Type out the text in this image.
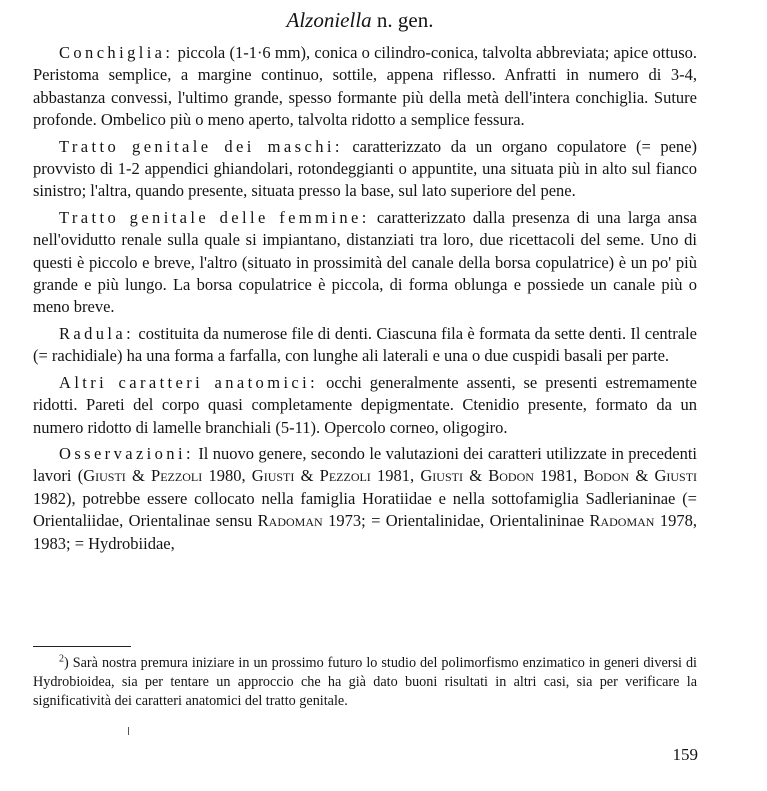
Alzoniella n. gen.

Conchiglia: piccola (1-1·6 mm), conica o cilindro-conica, talvolta abbreviata; apice ottuso. Peristoma semplice, a margine continuo, sottile, appena riflesso. Anfratti in numero di 3-4, abbastanza convessi, l'ultimo grande, spesso formante più della metà dell'intera conchiglia. Suture profonde. Ombelico più o meno aperto, talvolta ridotto a semplice fessura.

Tratto genitale dei maschi: caratterizzato da un organo copulatore (= pene) provvisto di 1-2 appendici ghiandolari, rotondeggianti o appuntite, una situata più in alto sul fianco sinistro; l'altra, quando presente, situata presso la base, sul lato superiore del pene.

Tratto genitale delle femmine: caratterizzato dalla presenza di una larga ansa nell'ovidutto renale sulla quale si impiantano, distanziati tra loro, due ricettacoli del seme. Uno di questi è piccolo e breve, l'altro (situato in prossimità del canale della borsa copulatrice) è un po' più grande e più lungo. La borsa copulatrice è piccola, di forma oblunga e possiede un canale più o meno breve.

Radula: costituita da numerose file di denti. Ciascuna fila è formata da sette denti. Il centrale (= rachidiale) ha una forma a farfalla, con lunghe ali laterali e una o due cuspidi basali per parte.

Altri caratteri anatomici: occhi generalmente assenti, se presenti estremamente ridotti. Pareti del corpo quasi completamente depigmentate. Ctenidio presente, formato da un numero ridotto di lamelle branchiali (5-11). Opercolo corneo, oligogiro.

Osservazioni: Il nuovo genere, secondo le valutazioni dei caratteri utilizzate in precedenti lavori (Giusti & Pezzoli 1980, Giusti & Pezzoli 1981, Giusti & Bodon 1981, Bodon & Giusti 1982), potrebbe essere collocato nella famiglia Horatiidae e nella sottofamiglia Sadlerianinae (= Orientaliidae, Orientalinae sensu Radoman 1973; = Orientalinidae, Orientalininae Radoman 1978, 1983; = Hydrobiidae,

$^2$) Sarà nostra premura iniziare in un prossimo futuro lo studio del polimorfismo enzimatico in generi diversi di Hydrobioidea, sia per tentare un approccio che ha già dato buoni risultati in altri casi, sia per verificare la significatività dei caratteri anatomici del tratto genitale.

159
